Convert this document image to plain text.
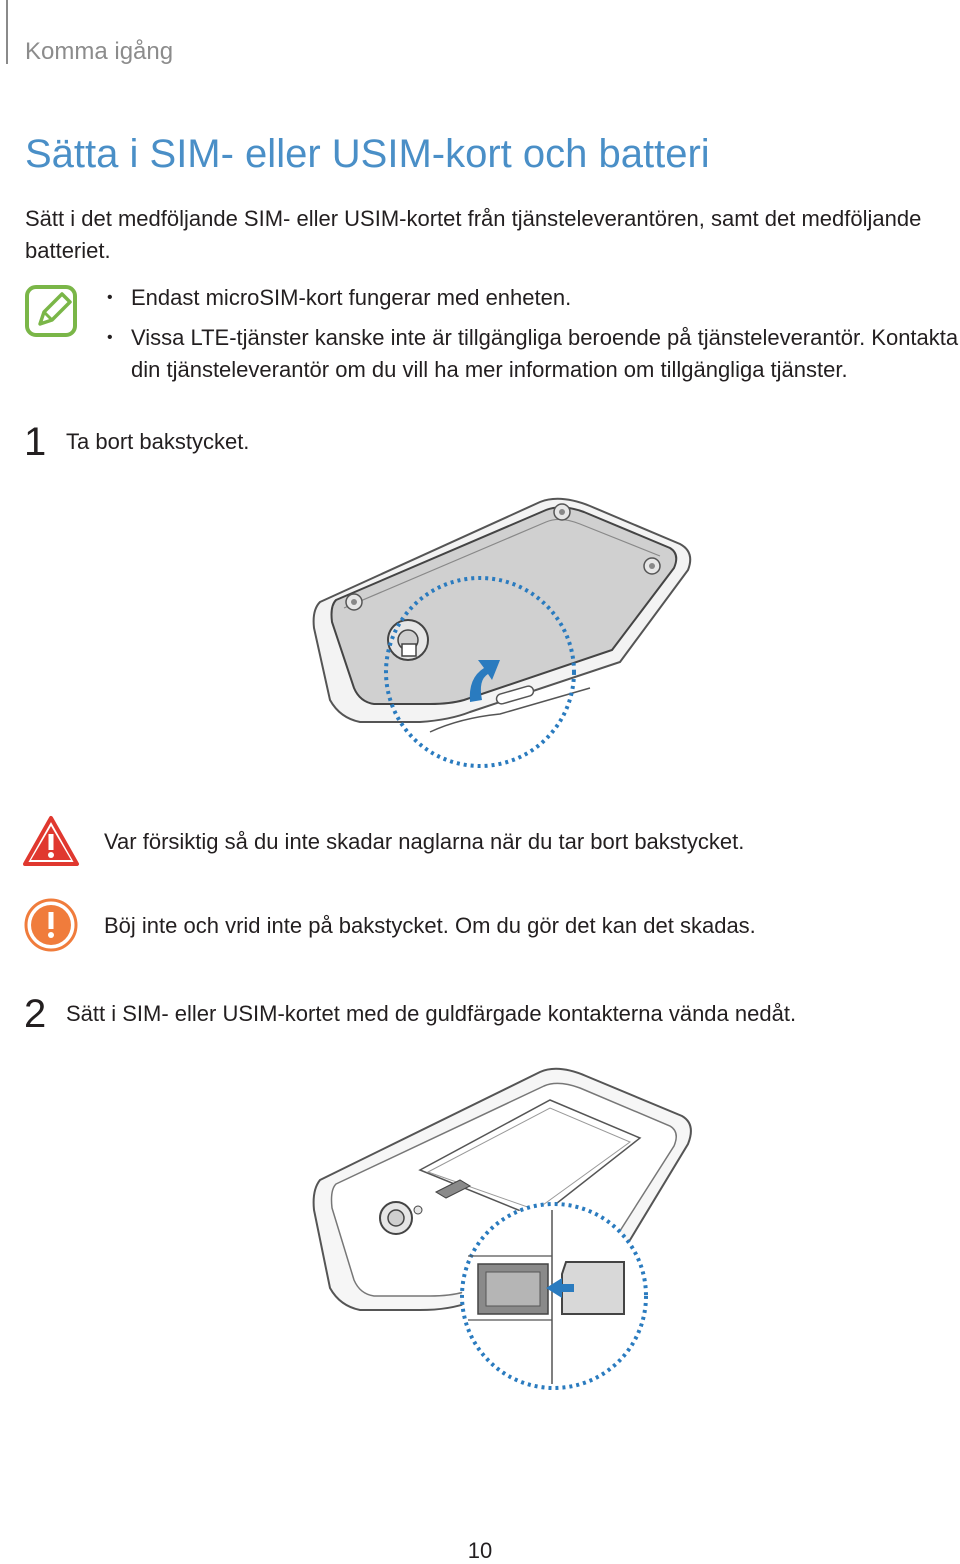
Komma igång
Sätta i SIM- eller USIM-kort och batteri
Sätt i det medföljande SIM- eller USIM-kortet från tjänsteleverantören, samt det medföljande batteriet.
• Endast microSIM-kort fungerar med enheten.
• Vissa LTE-tjänster kanske inte är tillgängliga beroende på tjänsteleverantör. Kontakta din tjänsteleverantör om du vill ha mer information om tillgängliga tjänster.
1 Ta bort bakstycket.
Var försiktig så du inte skadar naglarna när du tar bort bakstycket.
Böj inte och vrid inte på bakstycket. Om du gör det kan det skadas.
2 Sätt i SIM- eller USIM-kortet med de guldfärgade kontakterna vända nedåt.
10
